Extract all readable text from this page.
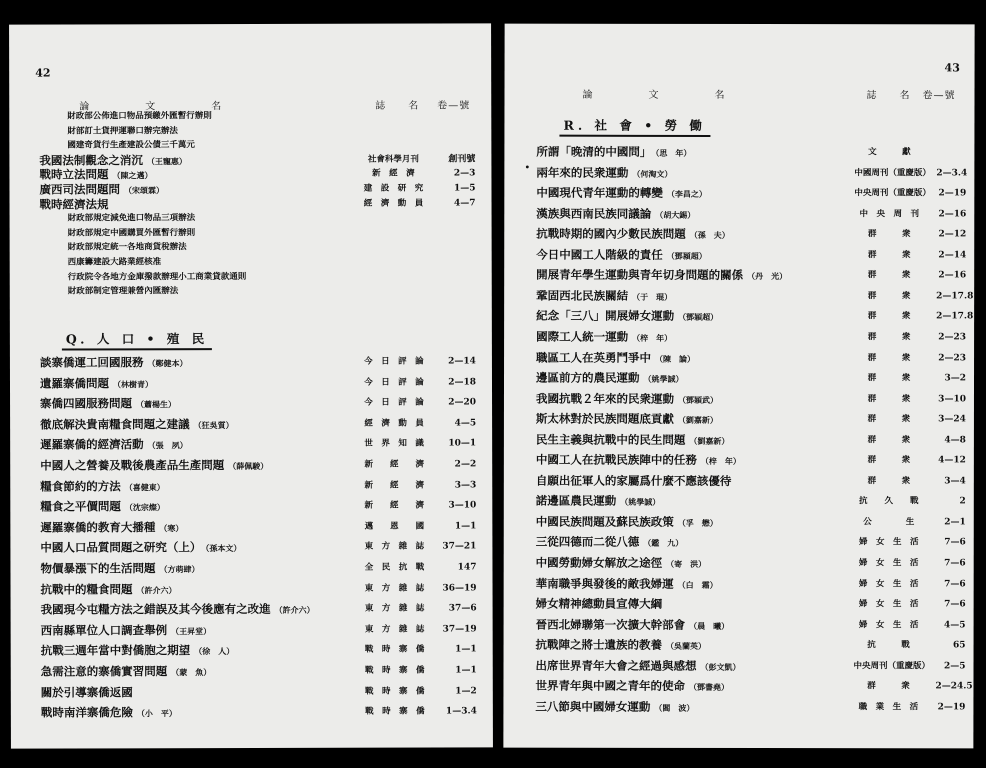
42
論　　　　　文　　　　　名	誌　　名 卷—號
財政部公佈進口物品預繳外匯暫行辦則
財部訂土貨押運聯口辦完辦法
國建奇貨行生產建設公債三千萬元
我國法制觀念之消沉 （王寵惠）	社會科學月刊	創刊號
戰時立法問題 （陳之邁）	新　經　濟	2—3
廣西司法問題問 （宋頌霖）	建　設　研　究	1—5
戰時經濟法規	經　濟　動　員	4—7
財政部規定減免進口物品三項辦法
財政部規定中國購買外匯暫行辦則
財政部規定統一各地商貨稅辦法
西康籌建設大路業經核准
行政院令各地方金庫撥款辦理小工商業貸款通則
財政部制定管理兼營內匯辦法
Q. 人 口 • 殖 民
談寨僑運工回國服務 （鄭健本）	今　日　評　論	2—14
遺羅寨僑問題 （林樹青）	今　日　評　論	2—18
寨僑四國服務問題 （蕭楊生）	今　日　評　論	2—20
徹底解決貴南糧食問題之建議 （狂吳質）	經　濟　動　員	4—5
遲羅寨僑的經濟活動 （張　夙）	世　界　知　識	10—1
中國人之營養及戰後農產品生產問題 （薛佩駿）	新　　經　　濟	2—2
糧食節約的方法 （喜健東）	新　　經　　濟	3—3
糧食之平價問題 （沈宗燦）	新　　經　　濟	3—10
遲羅寨僑的教育大播種 （寒）	邁　　恩　　國	1—1
中國人口品質問題之研究（上） （孫本文）	東　方　雜　誌	37—21
物價暴漲下的生活問題 （方萌肆）	全　民　抗　戰	147
抗戰中的糧食問題 （許介六）	東　方　雜　誌	36—19
我國現今屯糧方法之錯誤及其今後應有之改進 （許介六）	東　方　雜　誌	37—6
西南縣單位人口調查舉例 （王昇堂）	東　方　雜　誌	37—19
抗戰三週年當中對僑胞之期望 （徐　人）	戰　時　寨　僑	1—1
急需注意的寨僑實習問題 （蒙　魚）	戰　時　寨　僑	1—1
關於引導寨僑返國	戰　時　寨　僑	1—2
戰時南洋寨僑危險 （小　平）	戰　時　寨　僑	1—3.4
43
論　　　　　文　　　　　名	誌　　名 卷—號
R. 社 會 • 勞 働
•
所謂「晚清的中國問」 （思　年）	文　　　獻
兩年來的民衆運動 （何淘文）	中國周刊（重慶版） 2—3.4
中國現代青年運動的轉變 （李昌之）	中央周刊（重慶版） 2—19
漢族與西南民族同議論 （胡大錫）	中　央　周　刊	2—16
抗戰時期的國內少數民族問題 （孫　夫）	群　　　衆	2—12
今日中國工人階級的責任 （鄧潁超）	群　　　衆	2—14
開展青年學生運動與青年切身問題的關係 （丹　光）	群　　　衆	2—16
鞏固西北民族關結 （于　琨）	群　　　衆	2—17.8
紀念「三八」開展婦女運動 （鄧穎超）	群　　　衆	2—17.8
國際工人統一運動 （梓　年）	群　　　衆	2—23
職區工人在英勇鬥爭中 （陳　論）	群　　　衆	2—23
邊區前方的農民運動 （姚學誠）	群　　　衆	3—2
我國抗戰２年來的民衆運動 （鄧穎武）	群　　　衆	3—10
斯太林對於民族問題底貢獻 （劉嘉新）	群　　　衆	3—24
民生主義與抗戰中的民生問題 （劉嘉新）	群　　　衆	4—8
中國工人在抗戰民族陣中的任務 （梓　年）	群　　　衆	4—12
自願出征軍人的家屬爲什麼不應該優待	群　　　衆	3—4
諾邊區農民運動 （姚學誠）	抗　　久　　戰	2
中國民族問題及蘇民族政策 （孚　懋）	公　　　　生	2—1
三從四德而二從八德 （鑑　九）	婦　女　生　活	7—6
中國勞動婦女解放之途徑 （寄　洪）	婦　女　生　活	7—6
華南職爭與發後的敵我婦運 （白　霜）	婦　女　生　活	7—6
婦女精神總動員宣傳大綱	婦　女　生　活	7—6
晉西北婦聯第一次擴大幹部會 （晨　曦）	婦　女　生　活	4—5
抗戰陣之將士遺族的教養 （吳蘭英）	抗　　　戰	65
出席世界青年大會之經過與感想 （彭文凱）	中央周刊（重慶版）	2—5
世界青年與中國之青年的使命 （鄧書堯）	群　　　衆	2—24.5
三八節與中國婦女運動 （閻　波）	職　業　生　活	2—19
